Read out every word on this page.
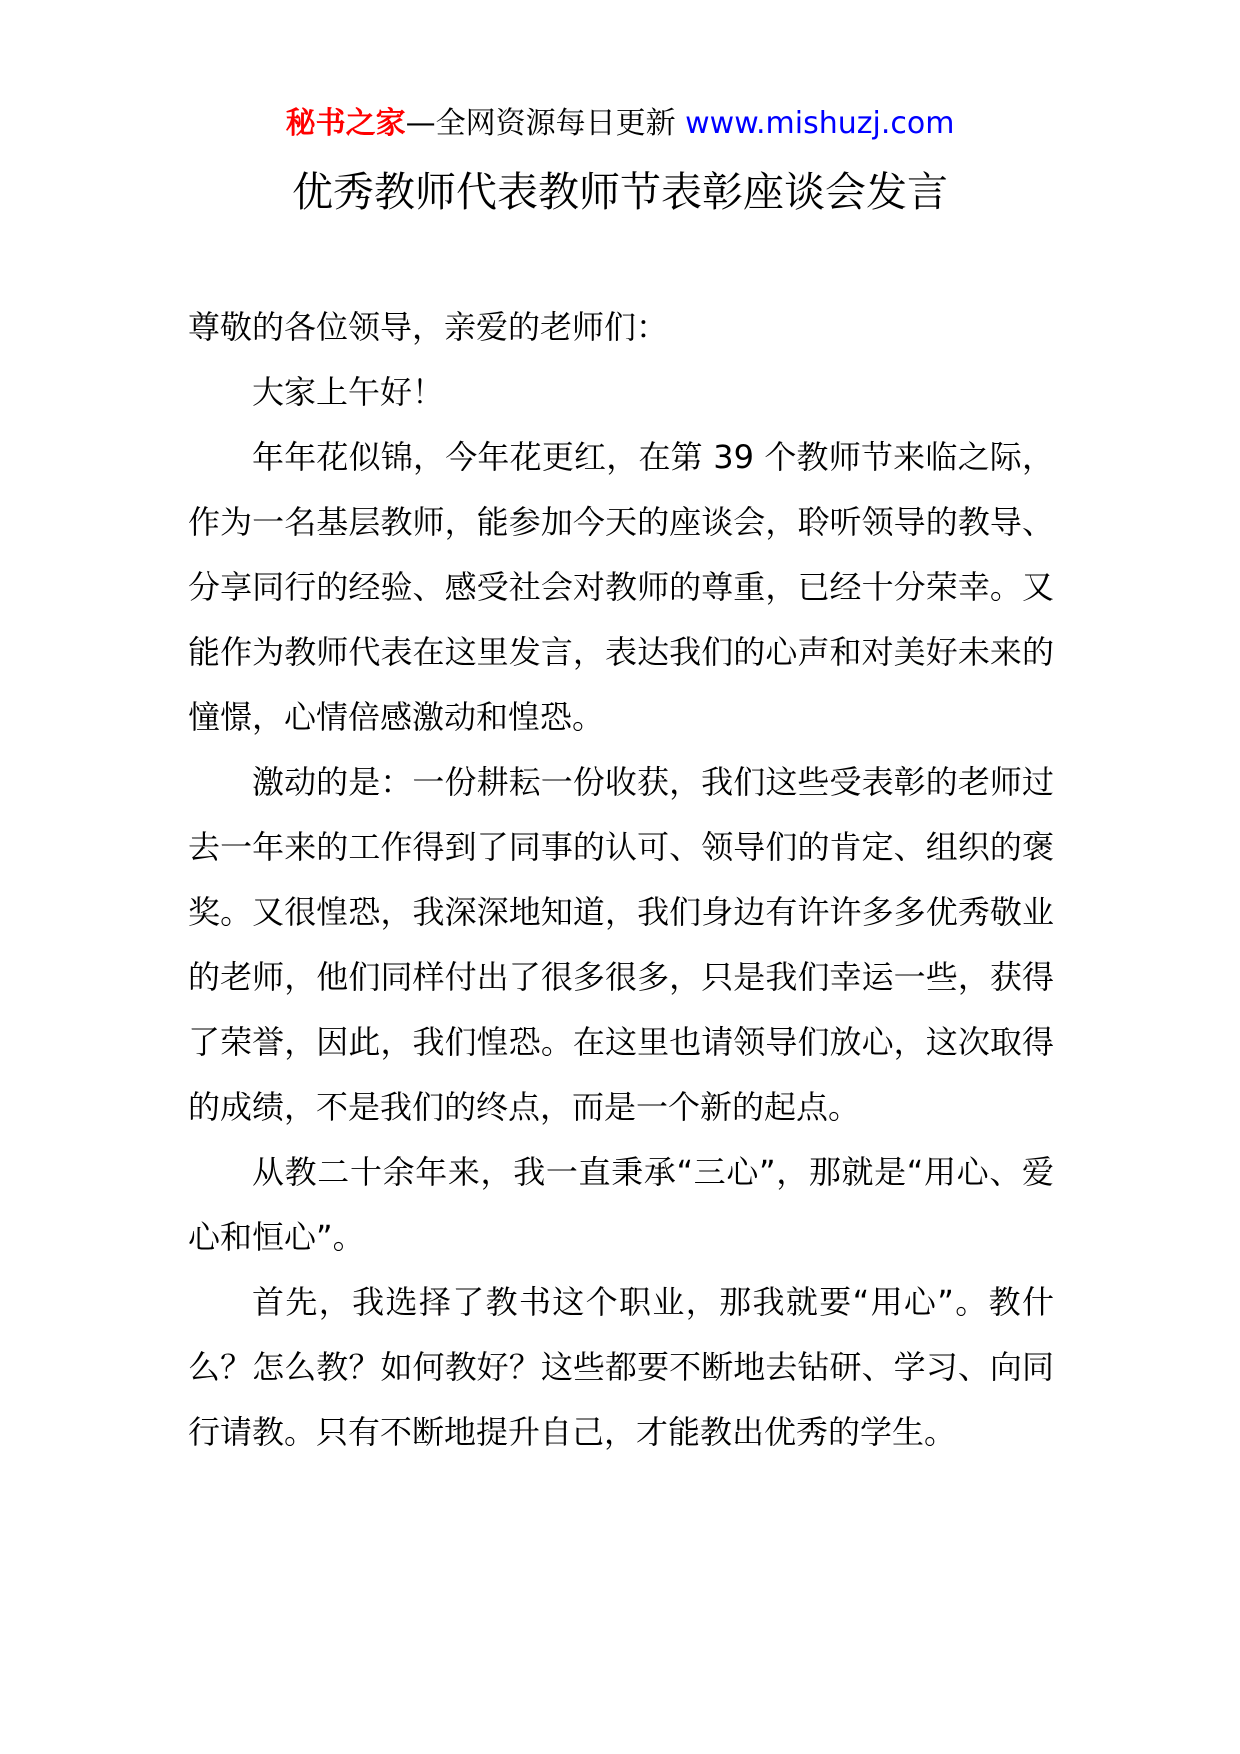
秘书之家—全网资源每日更新 www.mishuzj.com
优秀教师代表教师节表彰座谈会发言

尊敬的各位领导，亲爱的老师们：

大家上午好！

年年花似锦，今年花更红，在第 39 个教师节来临之际，作为一名基层教师，能参加今天的座谈会，聆听领导的教导、分享同行的经验、感受社会对教师的尊重，已经十分荣幸。又能作为教师代表在这里发言，表达我们的心声和对美好未来的憧憬，心情倍感激动和惶恐。

激动的是：一份耕耘一份收获，我们这些受表彰的老师过去一年来的工作得到了同事的认可、领导们的肯定、组织的褒奖。又很惶恐，我深深地知道，我们身边有许许多多优秀敬业的老师，他们同样付出了很多很多，只是我们幸运一些，获得了荣誉，因此，我们惶恐。在这里也请领导们放心，这次取得的成绩，不是我们的终点，而是一个新的起点。

从教二十余年来，我一直秉承“三心”，那就是“用心、爱心和恒心”。

首先，我选择了教书这个职业，那我就要“用心”。教什么？怎么教？如何教好？这些都要不断地去钻研、学习、向同行请教。只有不断地提升自己，才能教出优秀的学生。
